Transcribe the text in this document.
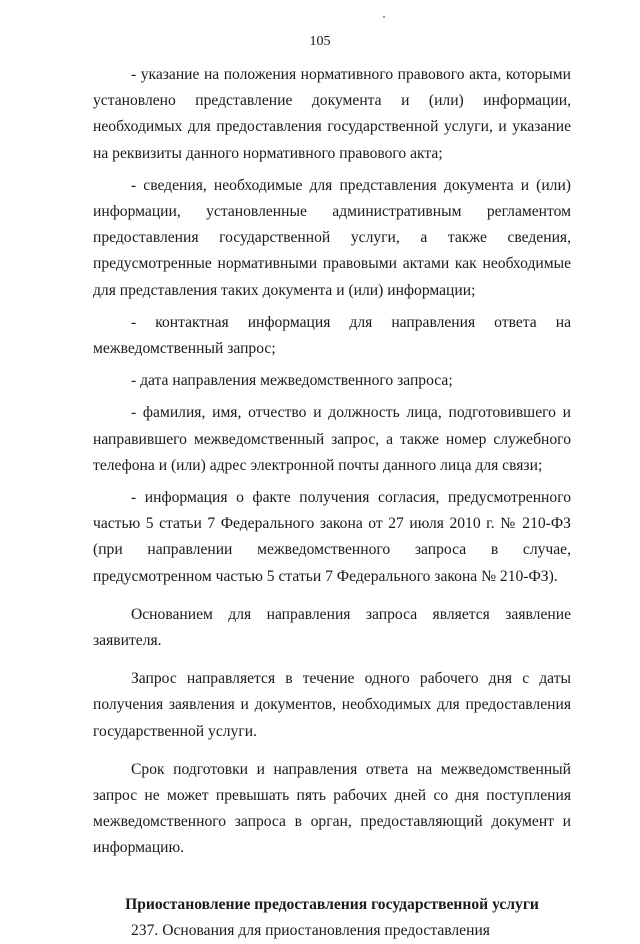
105

- указание на положения нормативного правового акта, которыми установлено представление документа и (или) информации, необходимых для предоставления государственной услуги, и указание на реквизиты данного нормативного правового акта;

- сведения, необходимые для представления документа и (или) информации, установленные административным регламентом предоставления государственной услуги, а также сведения, предусмотренные нормативными правовыми актами как необходимые для представления таких документа и (или) информации;

- контактная информация для направления ответа на межведомственный запрос;

- дата направления межведомственного запроса;

- фамилия, имя, отчество и должность лица, подготовившего и направившего межведомственный запрос, а также номер служебного телефона и (или) адрес электронной почты данного лица для связи;

- информация о факте получения согласия, предусмотренного частью 5 статьи 7 Федерального закона от 27 июля 2010 г. № 210-ФЗ (при направлении межведомственного запроса в случае, предусмотренном частью 5 статьи 7 Федерального закона № 210-ФЗ).

Основанием для направления запроса является заявление заявителя.

Запрос направляется в течение одного рабочего дня с даты получения заявления и документов, необходимых для предоставления государственной услуги.

Срок подготовки и направления ответа на межведомственный запрос не может превышать пять рабочих дней со дня поступления межведомственного запроса в орган, предоставляющий документ и информацию.

Приостановление предоставления государственной услуги

237. Основания для приостановления предоставления
